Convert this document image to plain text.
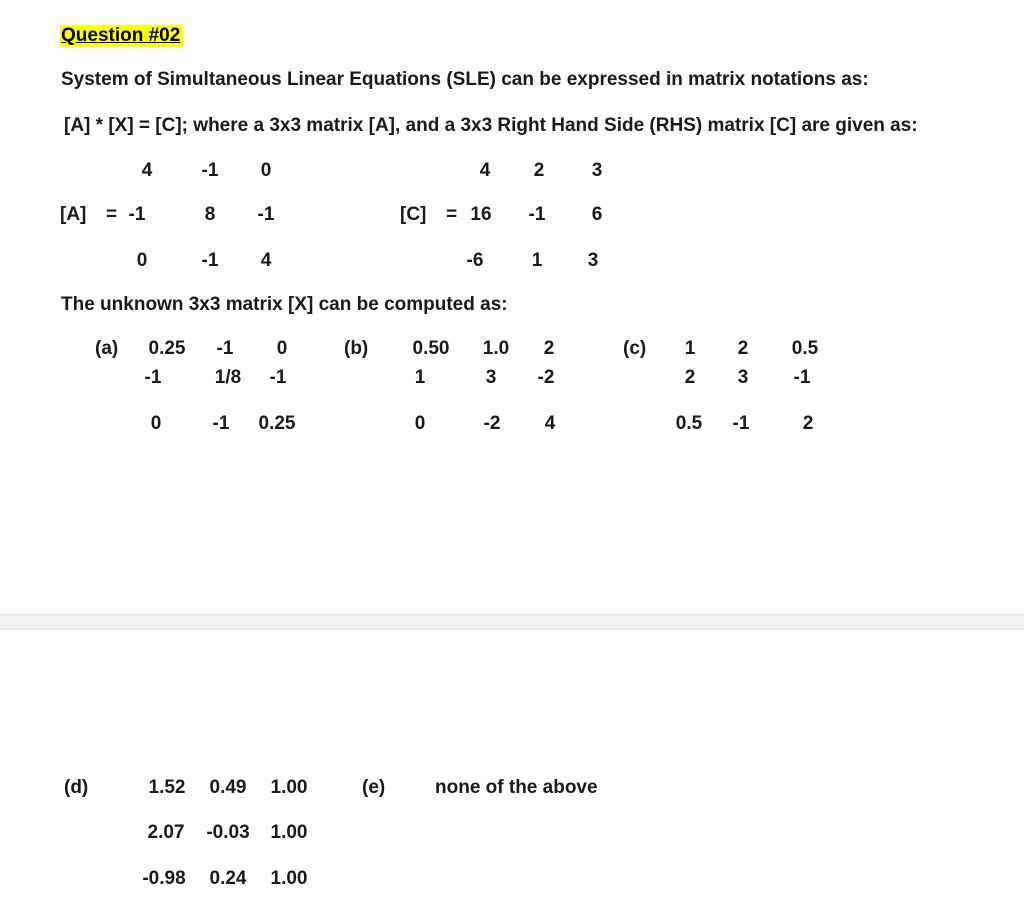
Question #02
System of Simultaneous Linear Equations (SLE) can be expressed in matrix notations as:
[A] * [X] = [C]; where a 3x3 matrix [A], and a 3x3 Right Hand Side (RHS) matrix [C] are given as:
[A] =
4	-1 0
-1	8 -1
0	-1 4
[C] =
4 2 3
16 -1 6
-6	1 3
The unknown 3x3 matrix [X] can be computed as:
(a) 0.25 -1 0
-1	1/8 -1
0	-1 0.25
(b) 0.50 1.0 2
1	3 -2
0	-2 4
(c) 1 2 0.5
2 3 -1
0.5 -1	2
(d)	1.52 0.49 1.00
2.07 -0.03 1.00
-0.98 0.24 1.00
(e)	none of the above
